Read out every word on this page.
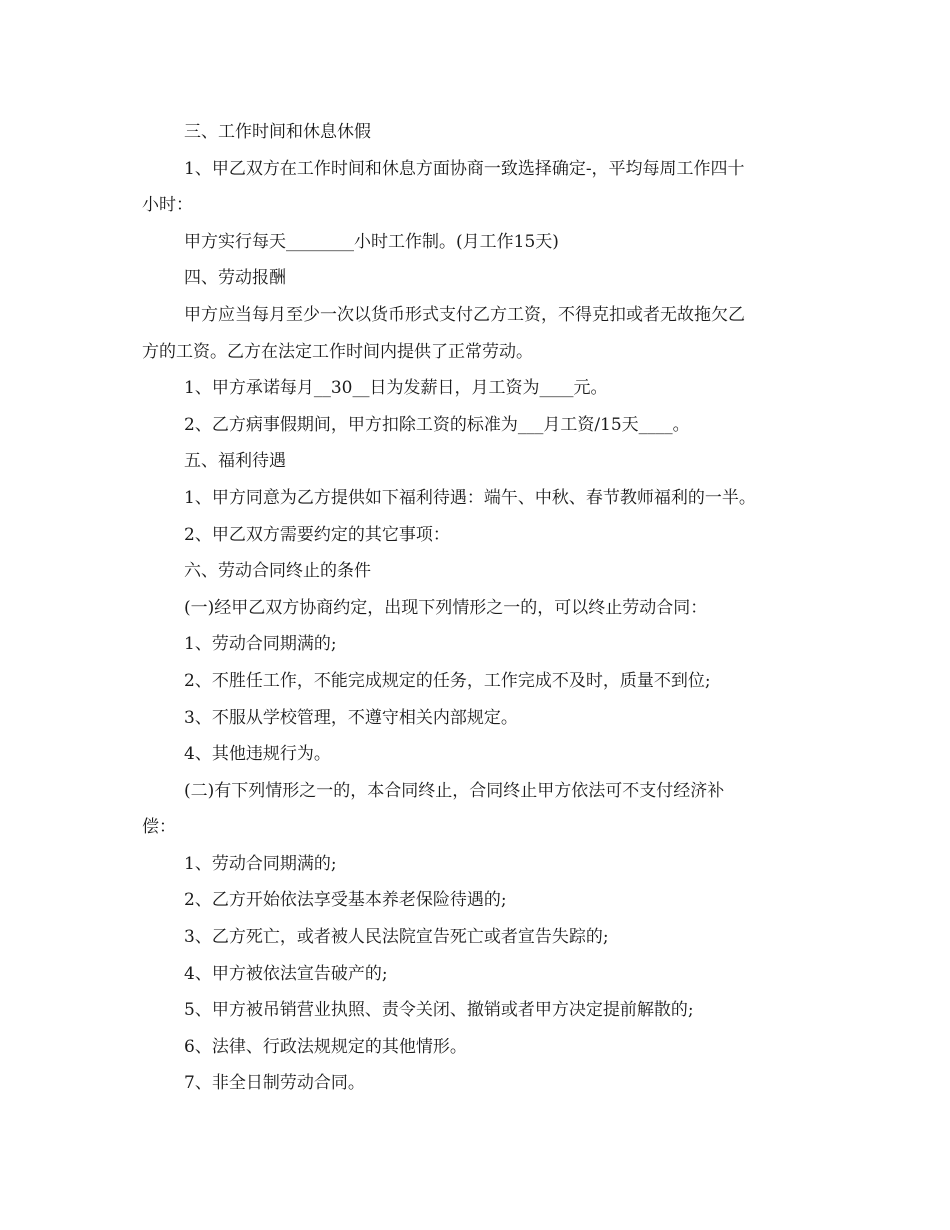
三、工作时间和休息休假

1、甲乙双方在工作时间和休息方面协商一致选择确定-，平均每周工作四十

小时：

甲方实行每天________小时工作制。(月工作15天)

四、劳动报酬

甲方应当每月至少一次以货币形式支付乙方工资，不得克扣或者无故拖欠乙

方的工资。乙方在法定工作时间内提供了正常劳动。

1、甲方承诺每月__30__日为发薪日，月工资为____元。

2、乙方病事假期间，甲方扣除工资的标准为___月工资/15天____。

五、福利待遇

1、甲方同意为乙方提供如下福利待遇：端午、中秋、春节教师福利的一半。

2、甲乙双方需要约定的其它事项：

六、劳动合同终止的条件

(一)经甲乙双方协商约定，出现下列情形之一的，可以终止劳动合同：

1、劳动合同期满的;

2、不胜任工作，不能完成规定的任务，工作完成不及时，质量不到位;

3、不服从学校管理，不遵守相关内部规定。

4、其他违规行为。

(二)有下列情形之一的，本合同终止，合同终止甲方依法可不支付经济补

偿：

1、劳动合同期满的;

2、乙方开始依法享受基本养老保险待遇的;

3、乙方死亡，或者被人民法院宣告死亡或者宣告失踪的;

4、甲方被依法宣告破产的;

5、甲方被吊销营业执照、责令关闭、撤销或者甲方决定提前解散的;

6、法律、行政法规规定的其他情形。

7、非全日制劳动合同。
